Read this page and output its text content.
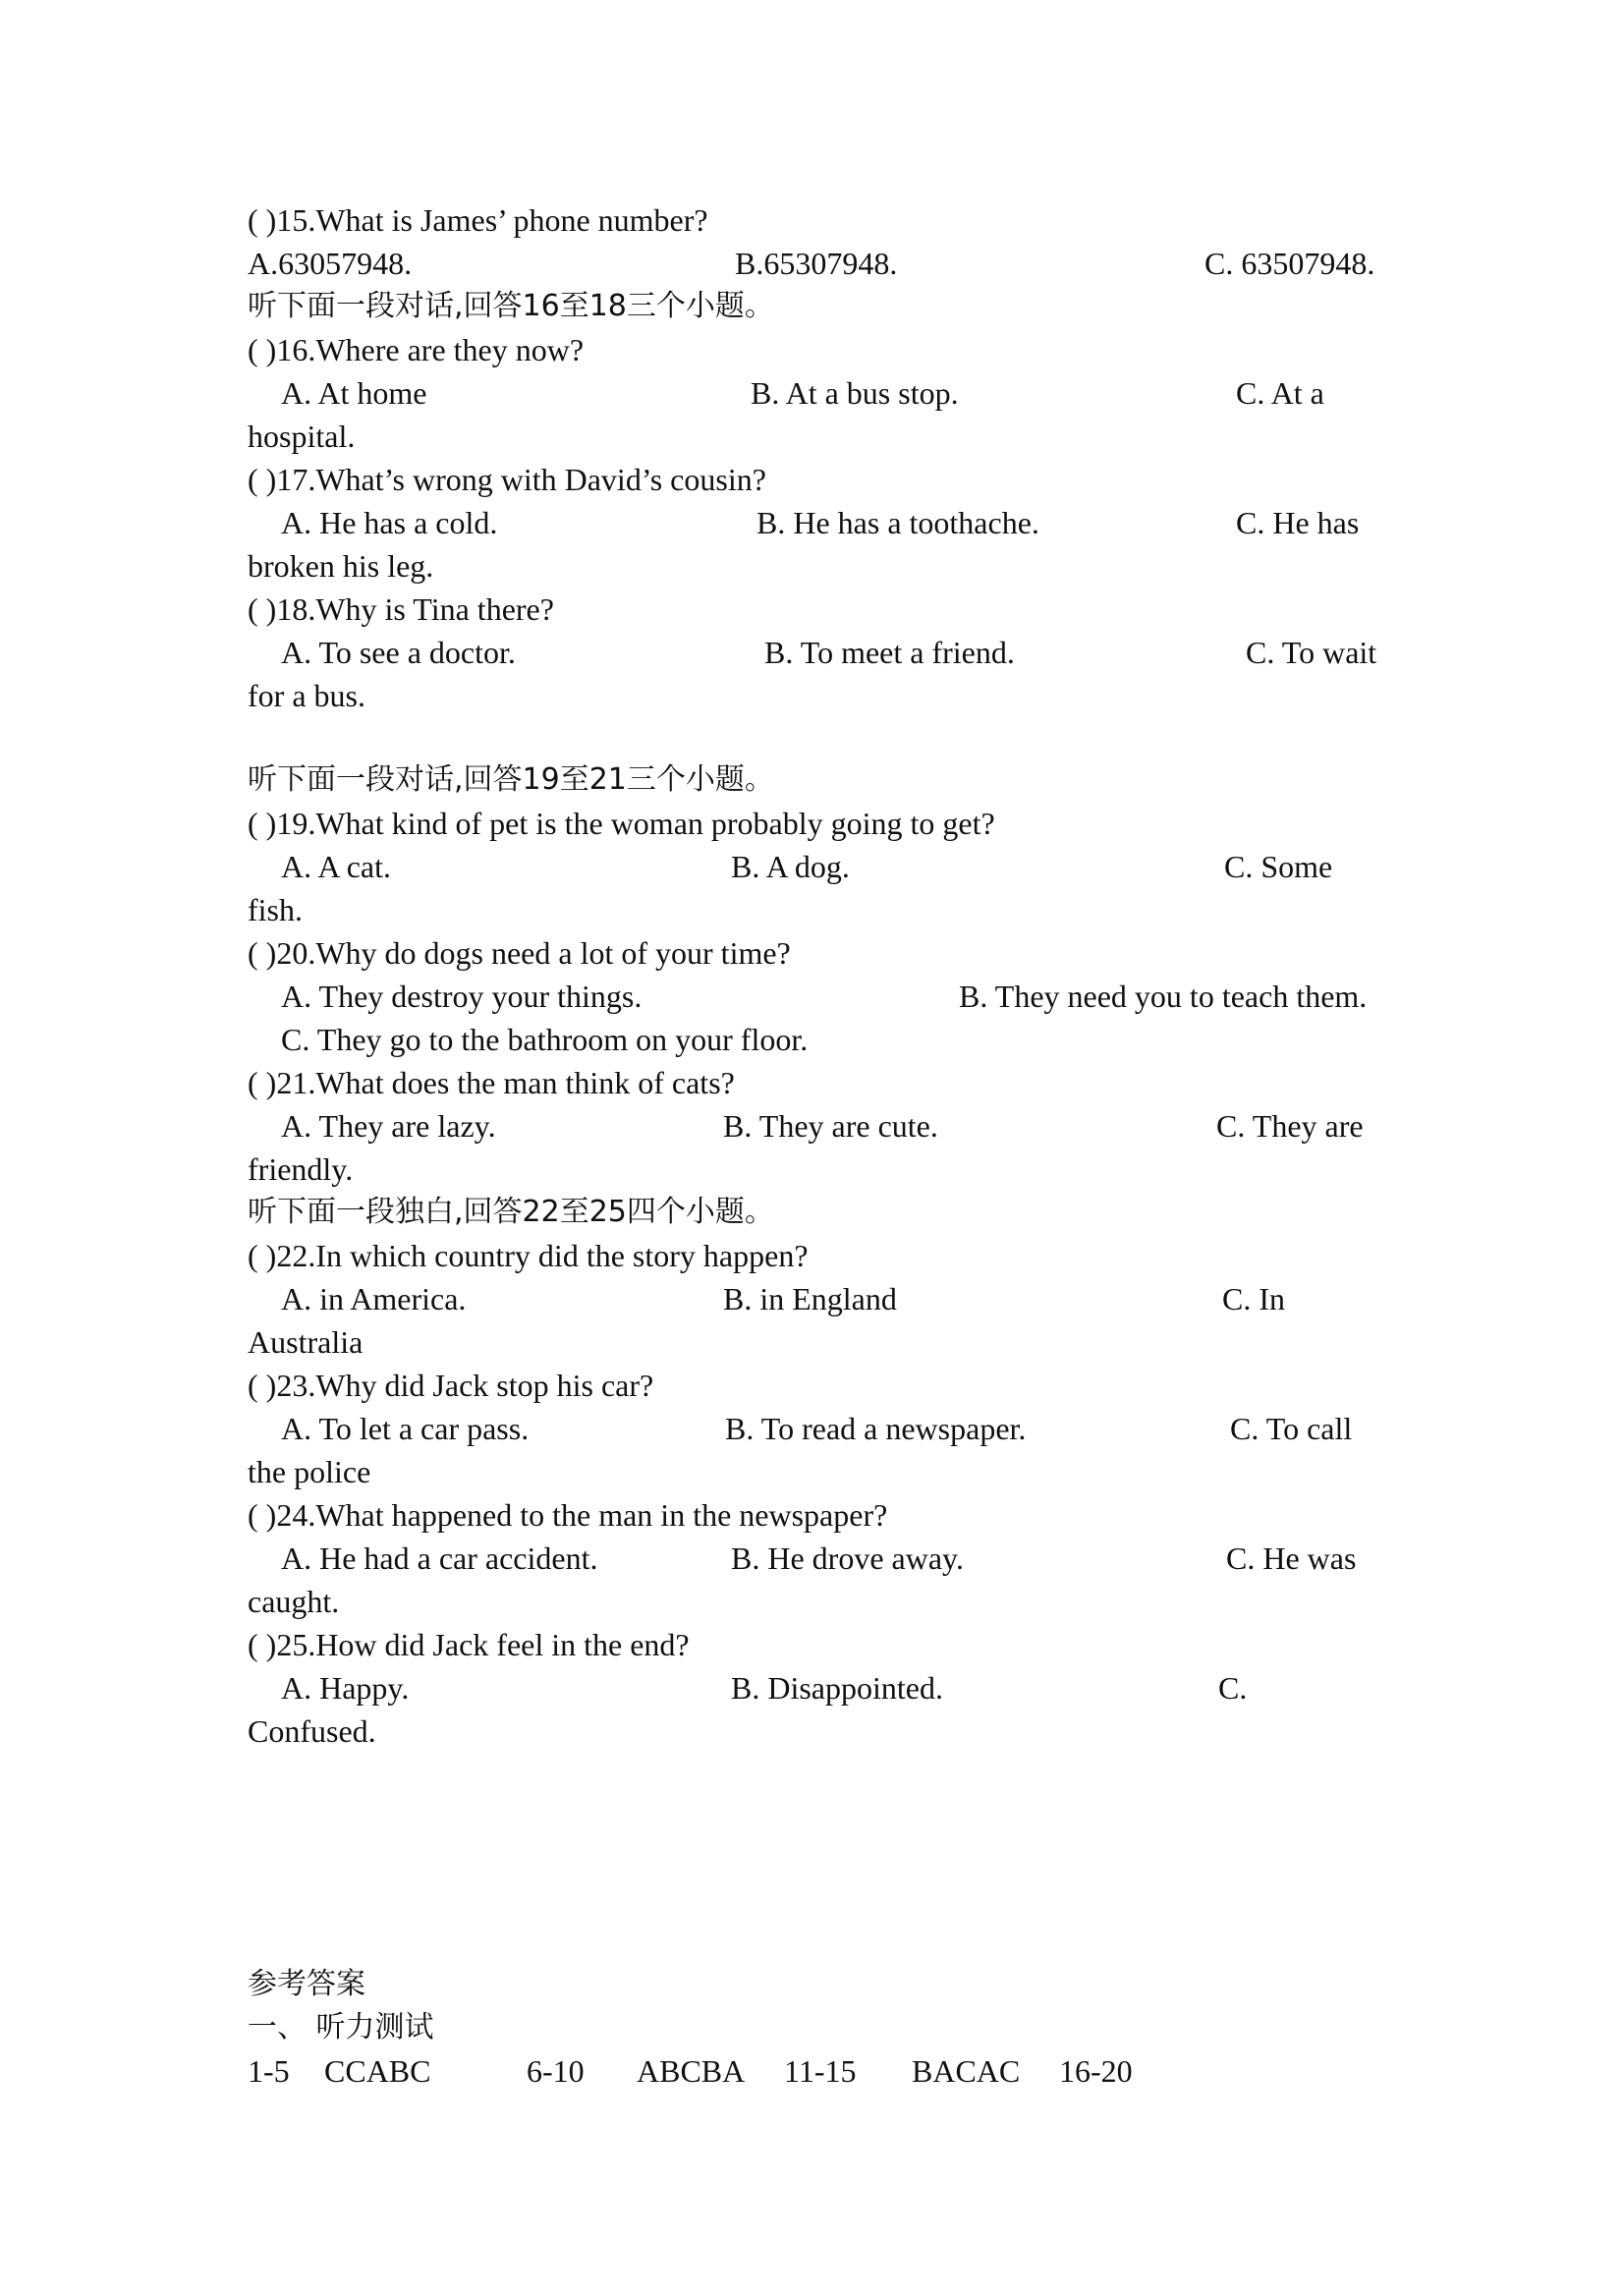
( )15.What is James’ phone number?
A.63057948.	B.65307948.	C. 63507948.
听下面一段对话,回答16至18三个小题。
( )16.Where are they now?
A. At home	B. At a bus stop.	C. At a
hospital.
( )17.What’s wrong with David’s cousin?
A. He has a cold.	B. He has a toothache.	C. He has
broken his leg.
( )18.Why is Tina there?
A. To see a doctor.	B. To meet a friend.	C. To wait
for a bus.
听下面一段对话,回答19至21三个小题。
( )19.What kind of pet is the woman probably going to get?
A. A cat.	B. A dog.	C. Some
fish.
( )20.Why do dogs need a lot of your time?
A. They destroy your things.	B. They need you to teach them.
C. They go to the bathroom on your floor.
( )21.What does the man think of cats?
A. They are lazy.	B. They are cute.	C. They are
friendly.
听下面一段独白,回答22至25四个小题。
( )22.In which country did the story happen?
A. in America.	B. in England	C. In
Australia
( )23.Why did Jack stop his car?
A. To let a car pass.	B. To read a newspaper.	C. To call
the police
( )24.What happened to the man in the newspaper?
A. He had a car accident.	B. He drove away.	C. He was
caught.
( )25.How did Jack feel in the end?
A. Happy.	B. Disappointed.	C.
Confused.
参考答案
一、 听力测试
1-5 CCABC	6-10 ABCBA 11-15 BACAC 16-20
